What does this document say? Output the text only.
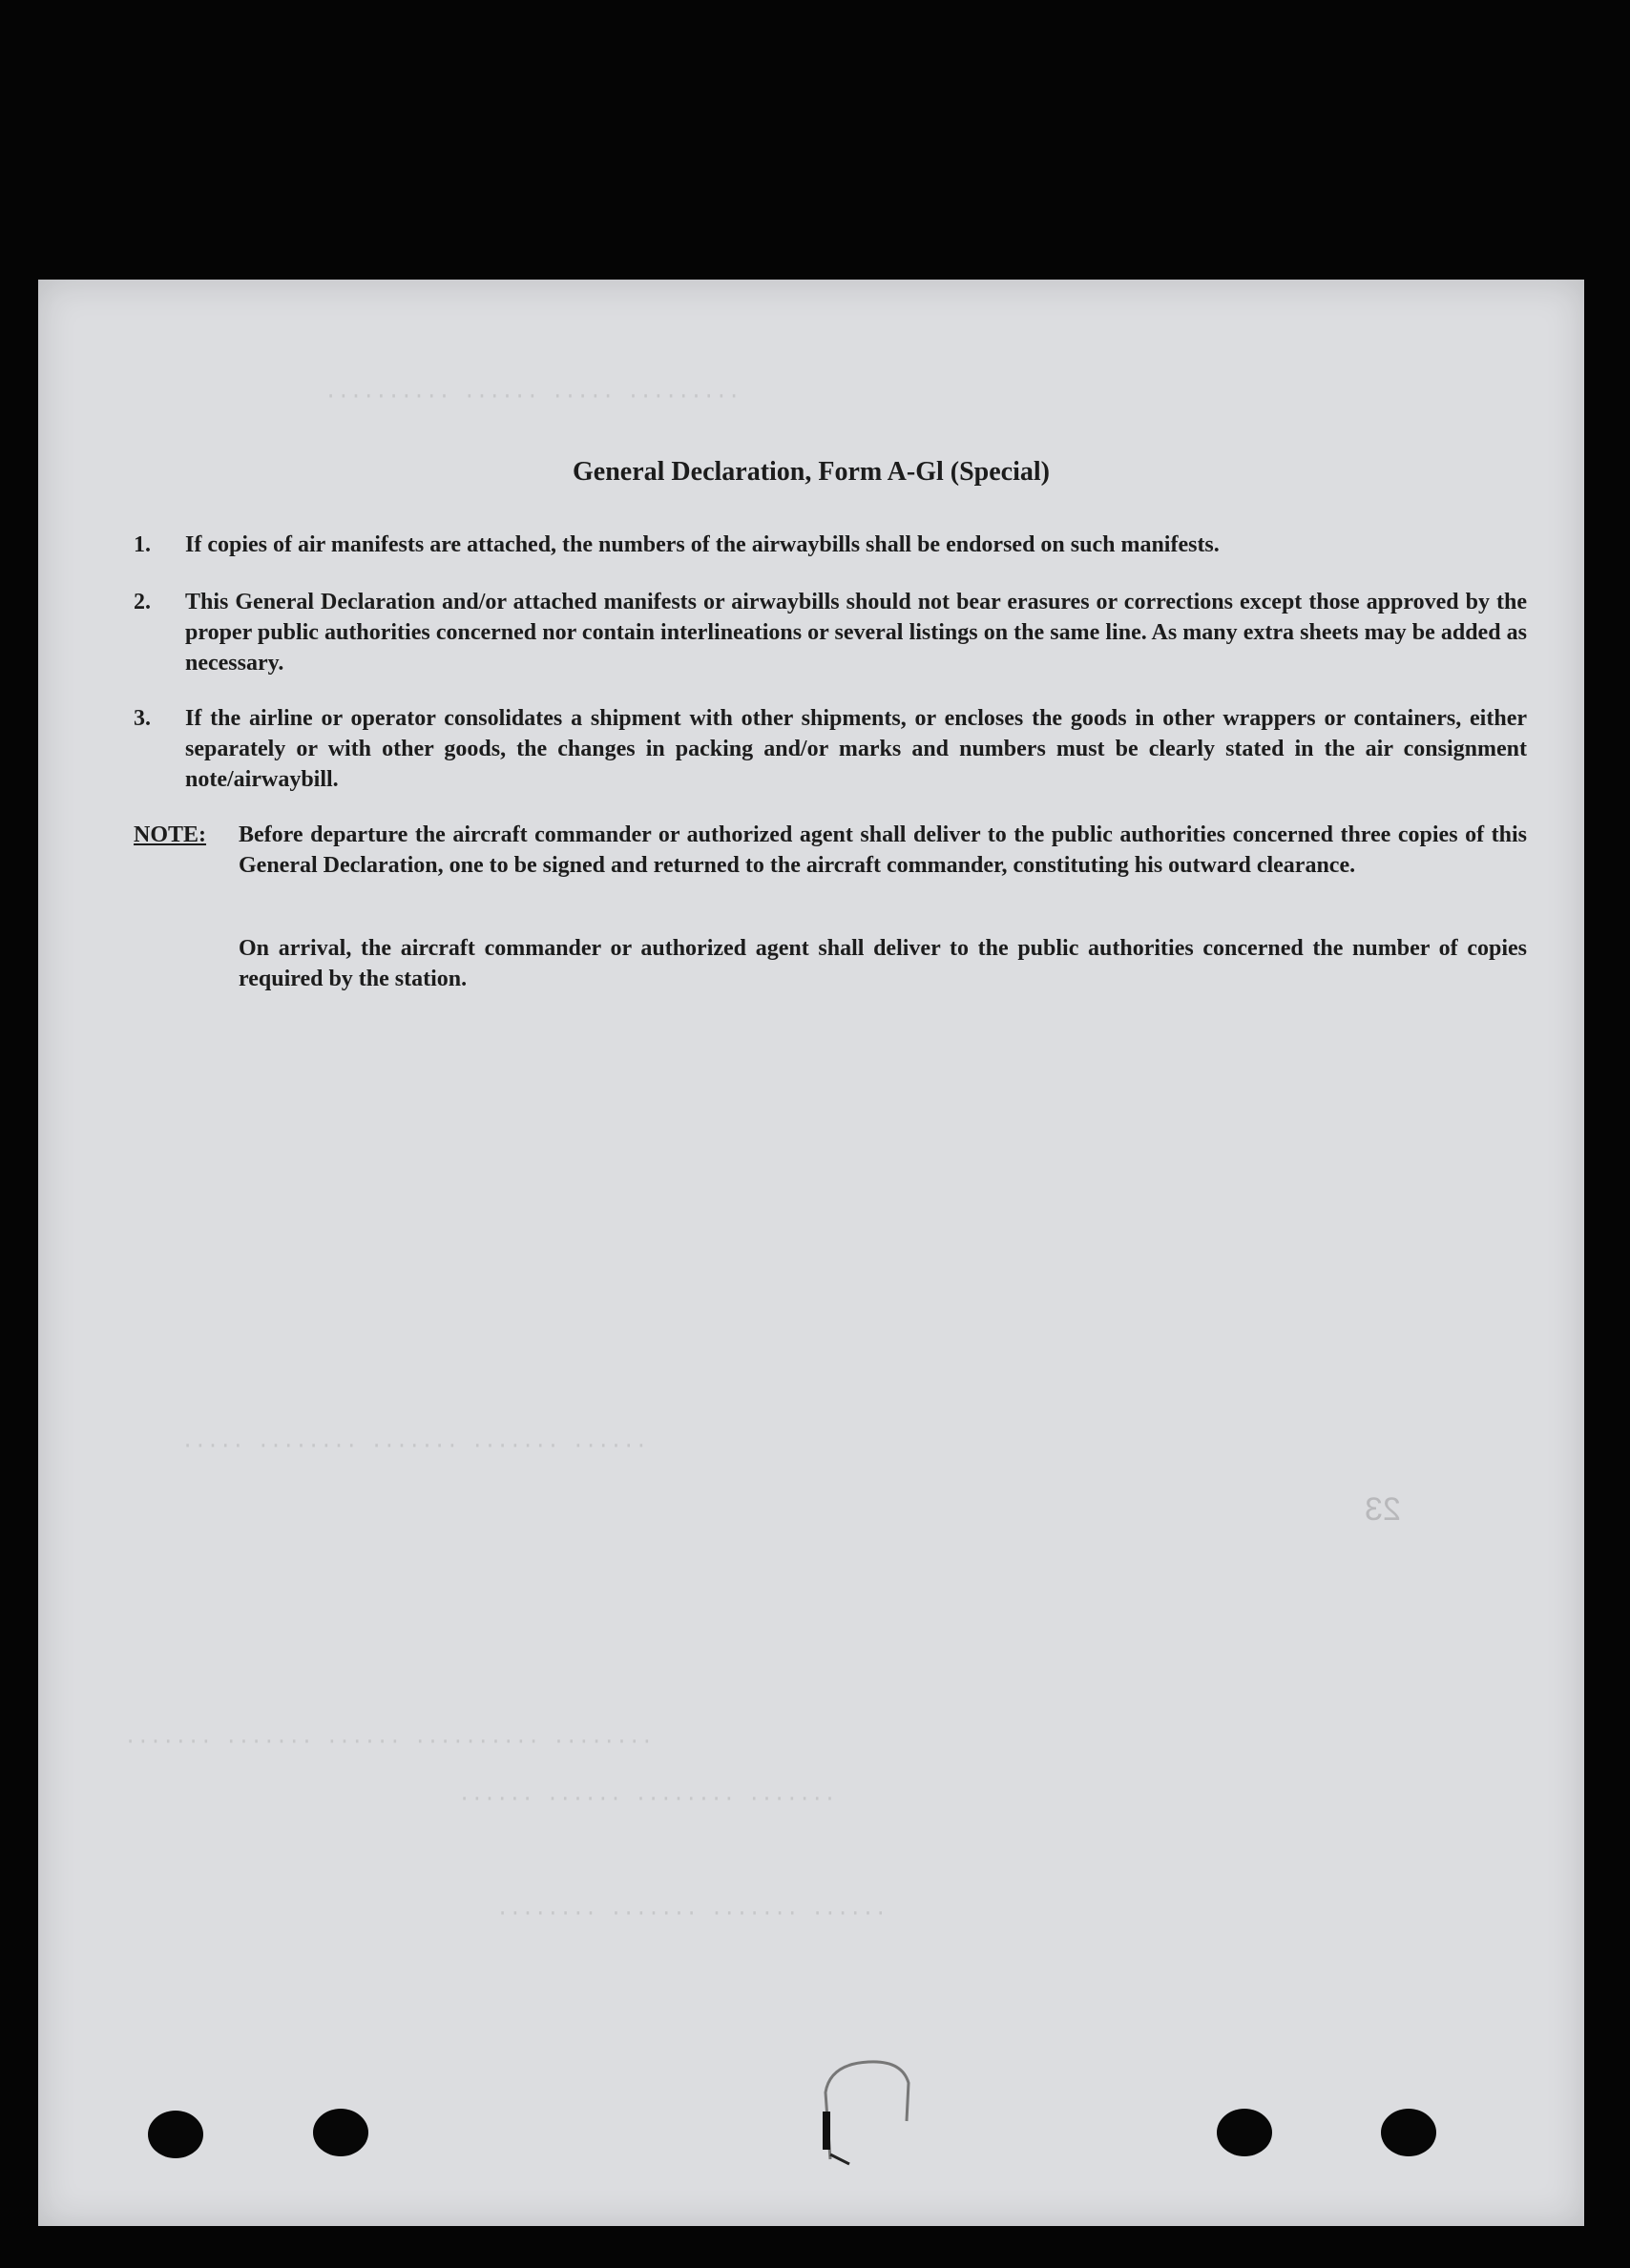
·········· ······ ····· ·········
····· ········ ······· ······· ······
······· ······· ······ ·········· ········
······ ······ ········ ·······
········ ······· ······· ······
General Declaration, Form A-Gl (Special)
1.	If copies of air manifests are attached, the numbers of the airwaybills shall be endorsed on such manifests.
2.	This General Declaration and/or attached manifests or airwaybills should not bear erasures or corrections except those approved by the proper public authorities concerned nor contain interlineations or several listings on the same line. As many extra sheets may be added as necessary.
3.	If the airline or operator consolidates a shipment with other shipments, or encloses the goods in other wrappers or containers, either separately or with other goods, the changes in packing and/or marks and numbers must be clearly stated in the air consignment note/airwaybill.
NOTE:	Before departure the aircraft commander or authorized agent shall deliver to the public authorities concerned three copies of this General Declaration, one to be signed and returned to the aircraft commander, constituting his outward clearance.
On arrival, the aircraft commander or authorized agent shall deliver to the public authorities concerned the number of copies required by the station.
23
